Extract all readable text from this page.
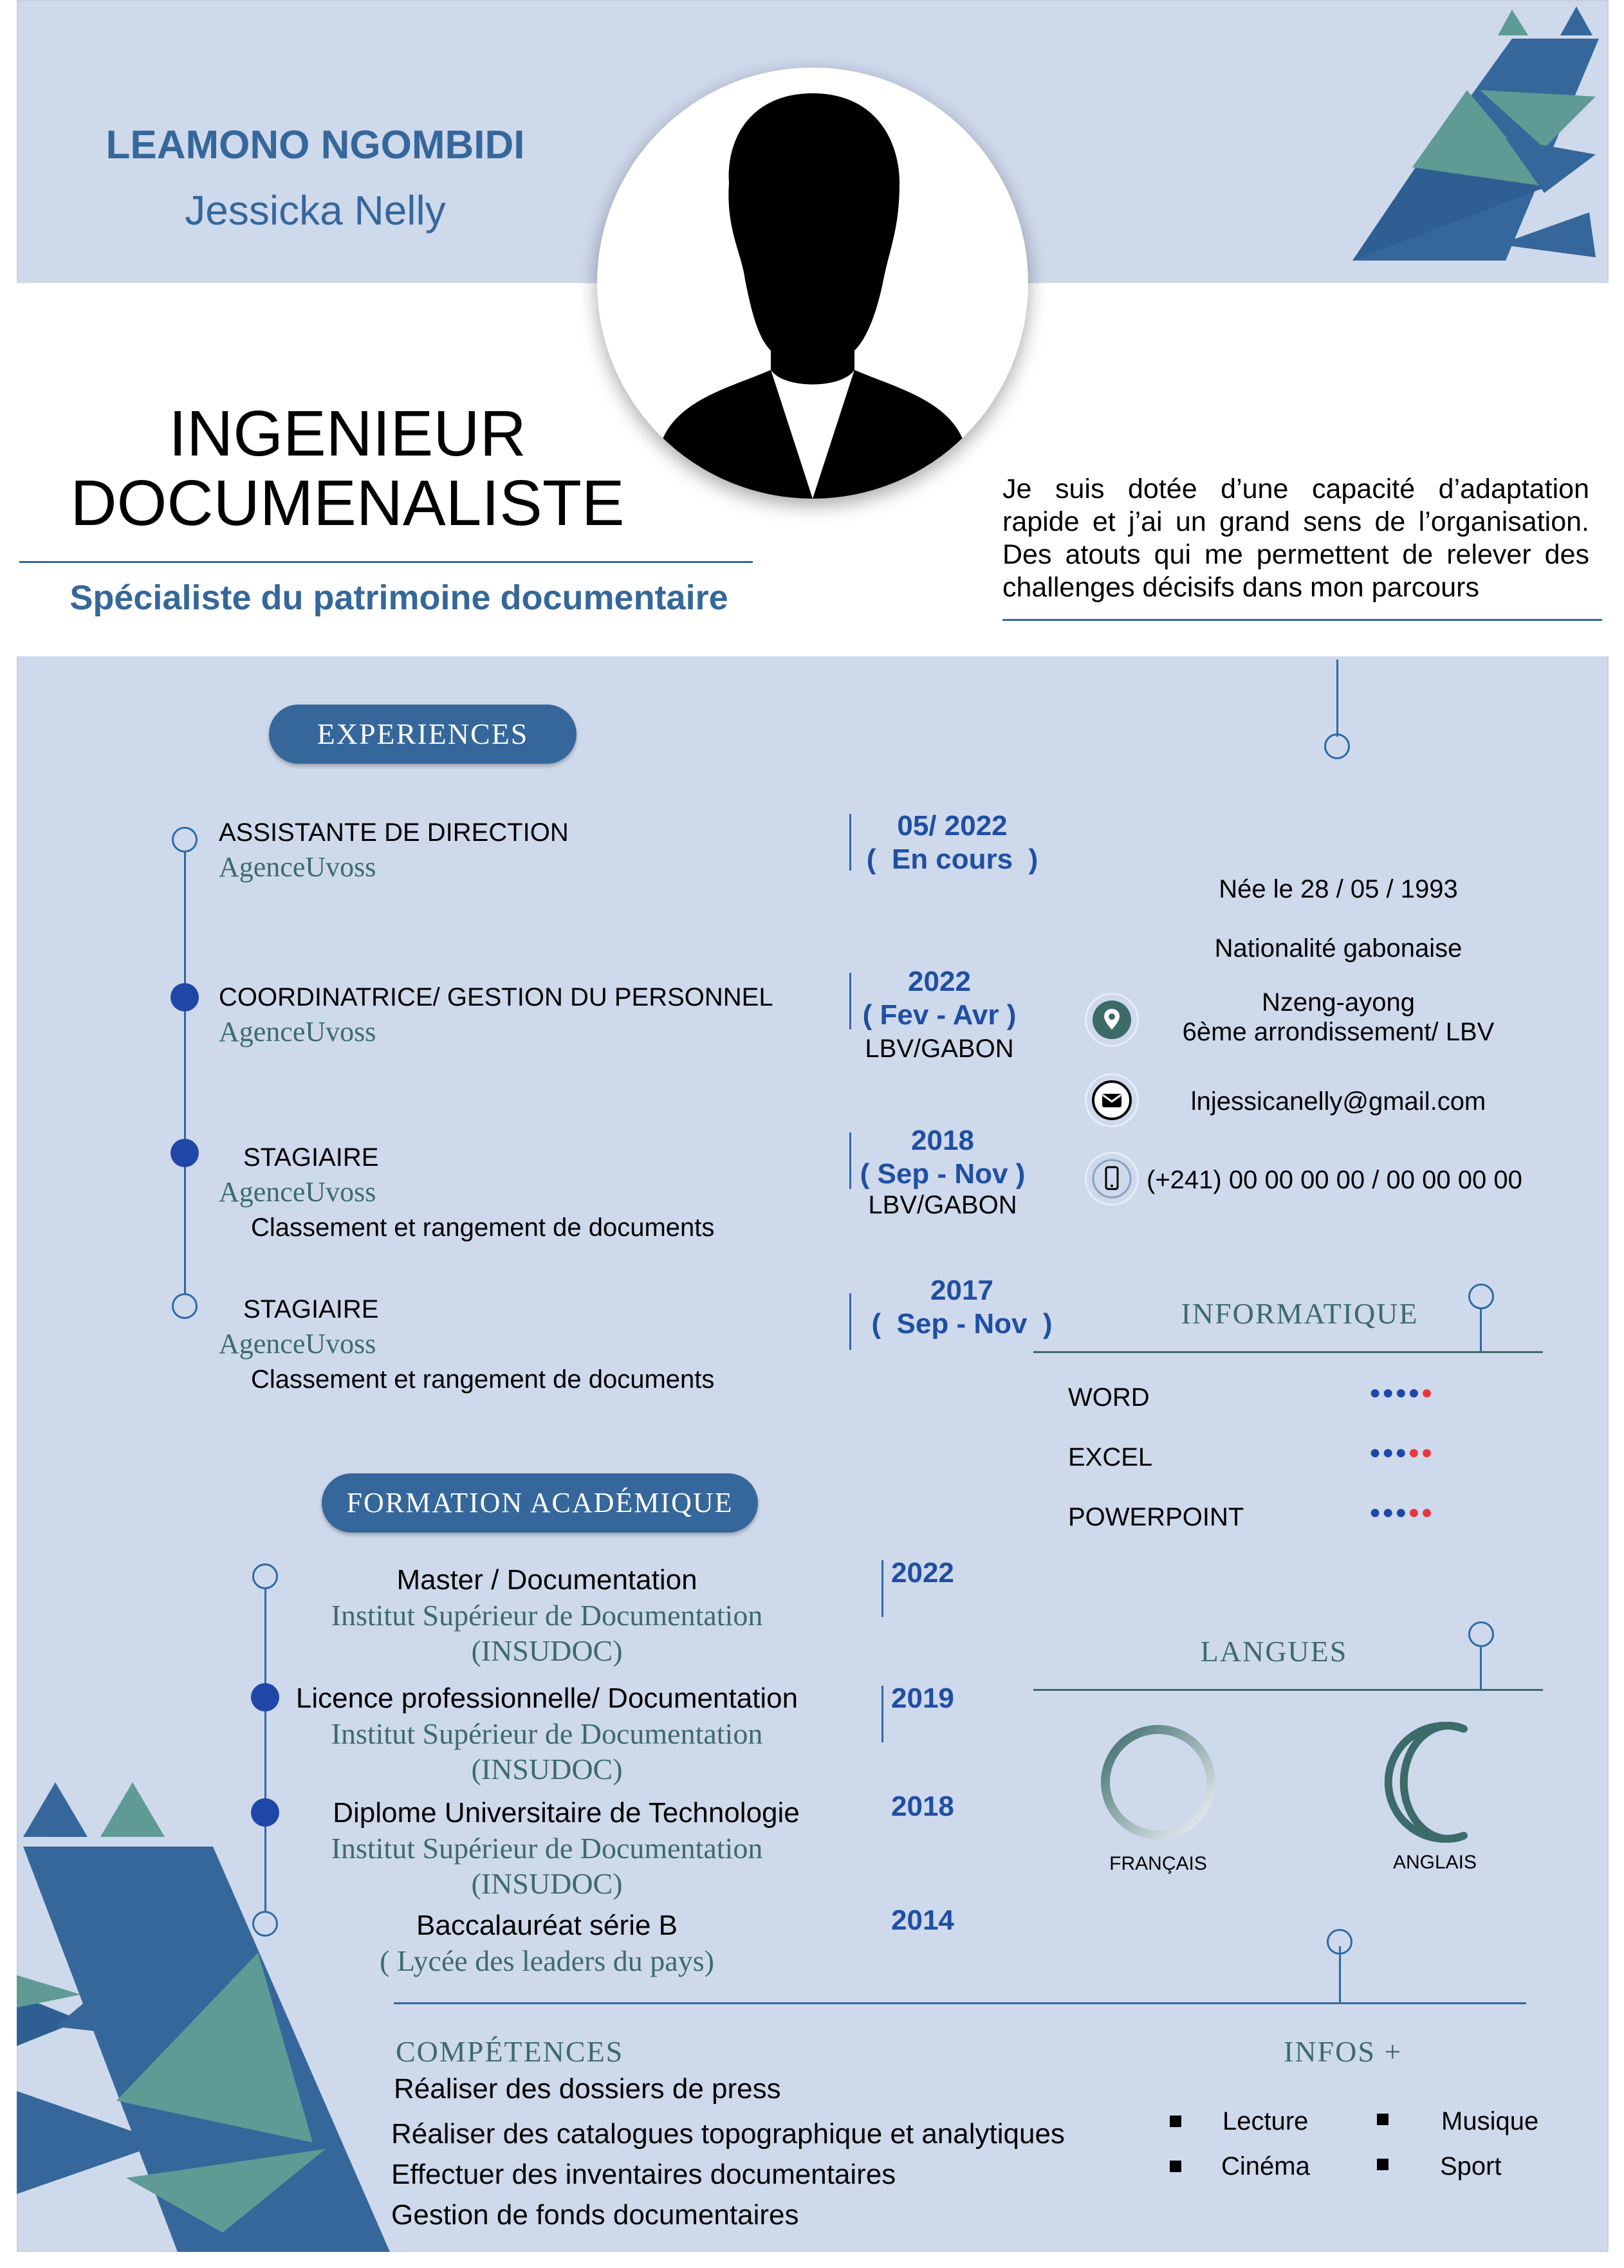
LEAMONO NGOMBIDI
Jessicka Nelly
INGENIEUR
DOCUMENALISTE
Spécialiste du patrimoine documentaire
Je suis dotée d’une capacité d’adaptation rapide et j’ai un grand sens de l’organisation. Des atouts qui me permettent de relever des challenges décisifs dans mon parcours
EXPERIENCES
ASSISTANTE DE DIRECTION
AgenceUvoss
05/ 2022
(  En cours  )
COORDINATRICE/ GESTION DU PERSONNEL
AgenceUvoss
2022
( Fev - Avr )
LBV/GABON
STAGIAIRE
AgenceUvoss
Classement et rangement de documents
2018
( Sep - Nov )
LBV/GABON
STAGIAIRE
AgenceUvoss
Classement et rangement de documents
2017
(  Sep - Nov  )
FORMATION ACADÉMIQUE
Master / Documentation
Institut Supérieur de Documentation
(INSUDOC)
2022
Licence professionnelle/ Documentation
Institut Supérieur de Documentation
(INSUDOC)
2019
Diplome Universitaire de Technologie
Institut Supérieur de Documentation
(INSUDOC)
2018
Baccalauréat série B
( Lycée des leaders du pays)
2014
Née le 28 / 05 / 1993
Nationalité gabonaise
Nzeng-ayong
6ème arrondissement/ LBV
lnjessicanelly@gmail.com
(+241) 00 00 00 00 / 00 00 00 00
INFORMATIQUE
WORD	●●●●●
EXCEL	●●●●●
POWERPOINT	●●●●●
LANGUES
FRANÇAIS	ANGLAIS
COMPÉTENCES
Réaliser des dossiers de press
Réaliser des catalogues topographique et analytiques
Effectuer des inventaires documentaires
Gestion de fonds documentaires
INFOS +
Lecture	Musique
Cinéma	Sport
